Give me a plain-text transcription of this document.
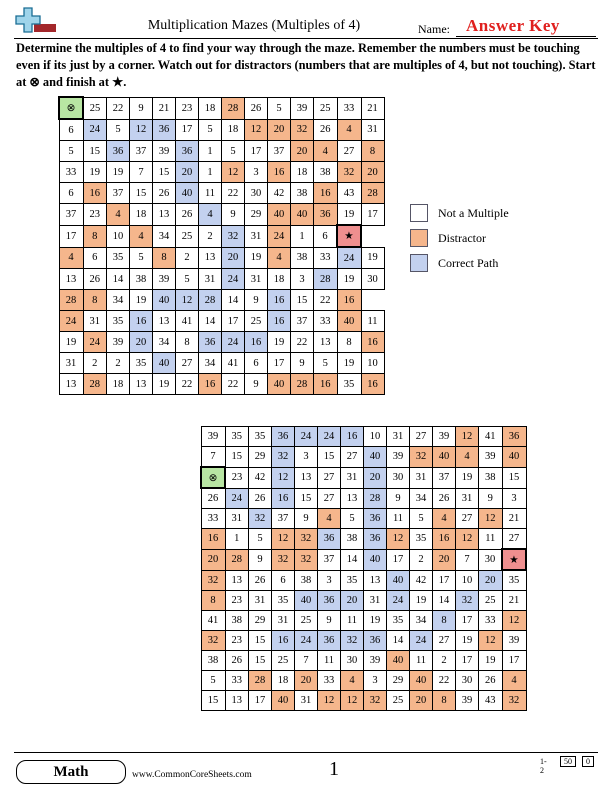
Multiplication Mazes (Multiples of 4)	Name: Answer Key
Determine the multiples of 4 to find your way through the maze. Remember the numbers must be touching even if its just by a corner. Watch out for distractors (numbers that are multiples of 4, but not touching). Start at ⊗ and finish at ★.
⊗	25	22	9	21	23	18	28	26	5	39	25	33	21
6	24	5	12	36	17	5	18	12	20	32	26	4	31
5	15	36	37	39	36	1	5	17	37	20	4	27	8
33	19	19	7	15	20	1	12	3	16	18	38	32	20
6	16	37	15	26	40	11	22	30	42	38	16	43	28
37	23	4	18	13	26	4	9	29	40	40	36	19	17
17	8	10	4	34	25	2	32	31	24	1	6	★	
4	6	35	5	8	2	13	20	19	4	38	33	24	19
13	26	14	38	39	5	31	24	31	18	3	28	19	30
28	8	34	19	40	12	28	14	9	16	15	22	16	
24	31	35	16	13	41	14	17	25	16	37	33	40	11
19	24	39	20	34	8	36	24	16	19	22	13	8	16
31	2	2	35	40	27	34	41	6	17	9	5	19	10
13	28	18	13	19	22	16	22	9	40	28	16	35	16
Not a Multiple
Distractor
Correct Path
39	35	35	36	24	24	16	10	31	27	39	12	41	36
7	15	29	32	3	15	27	40	39	32	40	4	39	40
⊗	23	42	12	13	27	31	20	30	31	37	19	38	15
26	24	26	16	15	27	13	28	9	34	26	31	9	3
33	31	32	37	9	4	5	36	11	5	4	27	12	21
16	1	5	12	32	36	38	36	12	35	16	12	11	27
20	28	9	32	32	37	14	40	17	2	20	7	30	★
32	13	26	6	38	3	35	13	40	42	17	10	20	35
8	23	31	35	40	36	20	31	24	19	14	32	25	21
41	38	29	31	25	9	11	19	35	34	8	17	33	12
32	23	15	16	24	36	32	36	14	24	27	19	12	39
38	26	15	25	7	11	30	39	40	11	2	17	19	17
5	33	28	18	20	33	4	3	29	40	22	30	26	4
15	13	17	40	31	12	12	32	25	20	8	39	43	32
Math	www.CommonCoreSheets.com	1	1-2
50	0
